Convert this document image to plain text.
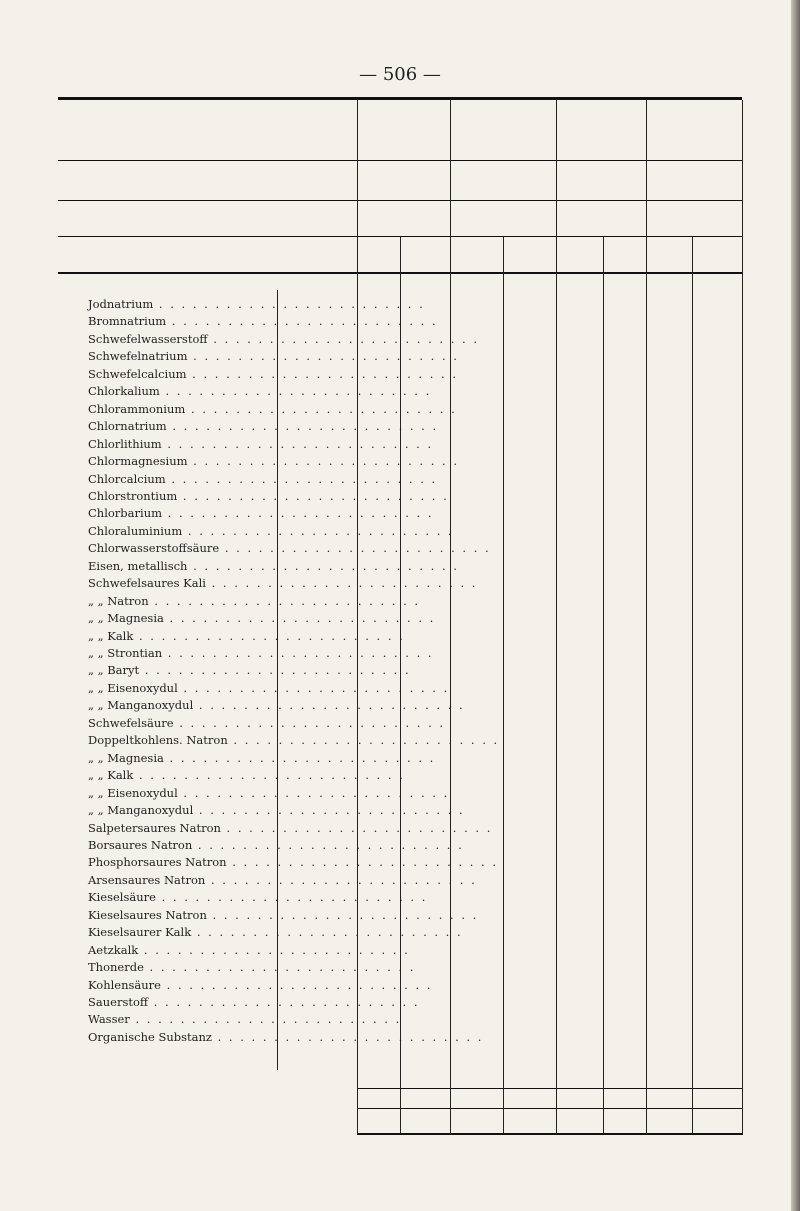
— 506 —
Jodnatrium . . . . . . . . . . . . . . . . . . . . . . . .
Bromnatrium . . . . . . . . . . . . . . . . . . . . . . . .
Schwefelwasserstoff . . . . . . . . . . . . . . . . . . . . . . . .
Schwefelnatrium . . . . . . . . . . . . . . . . . . . . . . . .
Schwefelcalcium . . . . . . . . . . . . . . . . . . . . . . . .
Chlorkalium . . . . . . . . . . . . . . . . . . . . . . . .
Chlorammonium . . . . . . . . . . . . . . . . . . . . . . . .
Chlornatrium . . . . . . . . . . . . . . . . . . . . . . . .
Chlorlithium . . . . . . . . . . . . . . . . . . . . . . . .
Chlormagnesium . . . . . . . . . . . . . . . . . . . . . . . .
Chlorcalcium . . . . . . . . . . . . . . . . . . . . . . . .
Chlorstrontium . . . . . . . . . . . . . . . . . . . . . . . .
Chlorbarium . . . . . . . . . . . . . . . . . . . . . . . .
Chloraluminium . . . . . . . . . . . . . . . . . . . . . . . .
Chlorwasserstoffsäure . . . . . . . . . . . . . . . . . . . . . . . .
Eisen, metallisch . . . . . . . . . . . . . . . . . . . . . . . .
Schwefelsaures Kali . . . . . . . . . . . . . . . . . . . . . . . .
„ „ Natron . . . . . . . . . . . . . . . . . . . . . . . .
„ „ Magnesia . . . . . . . . . . . . . . . . . . . . . . . .
„ „ Kalk . . . . . . . . . . . . . . . . . . . . . . . .
„ „ Strontian . . . . . . . . . . . . . . . . . . . . . . . .
„ „ Baryt . . . . . . . . . . . . . . . . . . . . . . . .
„ „ Eisenoxydul . . . . . . . . . . . . . . . . . . . . . . . .
„ „ Manganoxydul . . . . . . . . . . . . . . . . . . . . . . . .
Schwefelsäure . . . . . . . . . . . . . . . . . . . . . . . .
Doppeltkohlens. Natron . . . . . . . . . . . . . . . . . . . . . . . .
„ „ Magnesia . . . . . . . . . . . . . . . . . . . . . . . .
„ „ Kalk . . . . . . . . . . . . . . . . . . . . . . . .
„ „ Eisenoxydul . . . . . . . . . . . . . . . . . . . . . . . .
„ „ Manganoxydul . . . . . . . . . . . . . . . . . . . . . . . .
Salpetersaures Natron . . . . . . . . . . . . . . . . . . . . . . . .
Borsaures Natron . . . . . . . . . . . . . . . . . . . . . . . .
Phosphorsaures Natron . . . . . . . . . . . . . . . . . . . . . . . .
Arsensaures Natron . . . . . . . . . . . . . . . . . . . . . . . .
Kieselsäure . . . . . . . . . . . . . . . . . . . . . . . .
Kieselsaures Natron . . . . . . . . . . . . . . . . . . . . . . . .
Kieselsaurer Kalk . . . . . . . . . . . . . . . . . . . . . . . .
Aetzkalk . . . . . . . . . . . . . . . . . . . . . . . .
Thonerde . . . . . . . . . . . . . . . . . . . . . . . .
Kohlensäure . . . . . . . . . . . . . . . . . . . . . . . .
Sauerstoff . . . . . . . . . . . . . . . . . . . . . . . .
Wasser . . . . . . . . . . . . . . . . . . . . . . . .
Organische Substanz . . . . . . . . . . . . . . . . . . . . . . . .
